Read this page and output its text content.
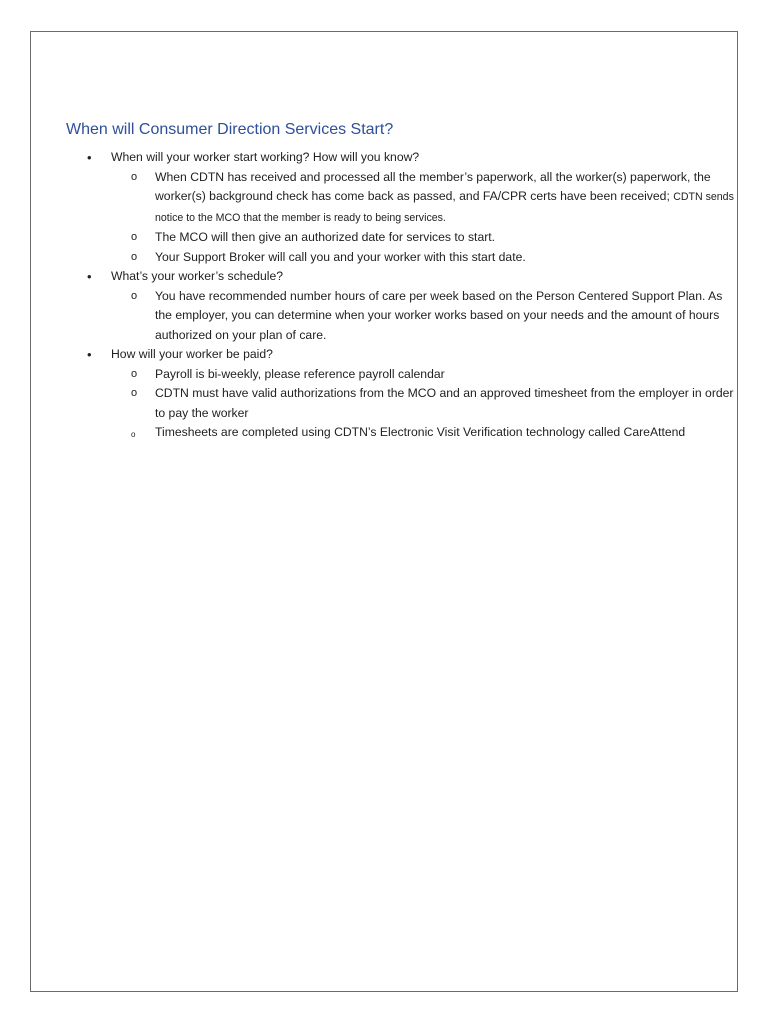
When will Consumer Direction Services Start?
• When will your worker start working? How will you know?
o When CDTN has received and processed all the member’s paperwork, all the worker(s) paperwork, the worker(s) background check has come back as passed, and FA/CPR certs have been received; CDTN sends notice to the MCO that the member is ready to being services.
o The MCO will then give an authorized date for services to start.
o Your Support Broker will call you and your worker with this start date.
• What’s your worker’s schedule?
o You have recommended number hours of care per week based on the Person Centered Support Plan. As the employer, you can determine when your worker works based on your needs and the amount of hours authorized on your plan of care.
• How will your worker be paid?
o Payroll is bi-weekly, please reference payroll calendar
o CDTN must have valid authorizations from the MCO and an approved timesheet from the employer in order to pay the worker
o Timesheets are completed using CDTN’s Electronic Visit Verification technology called CareAttend
